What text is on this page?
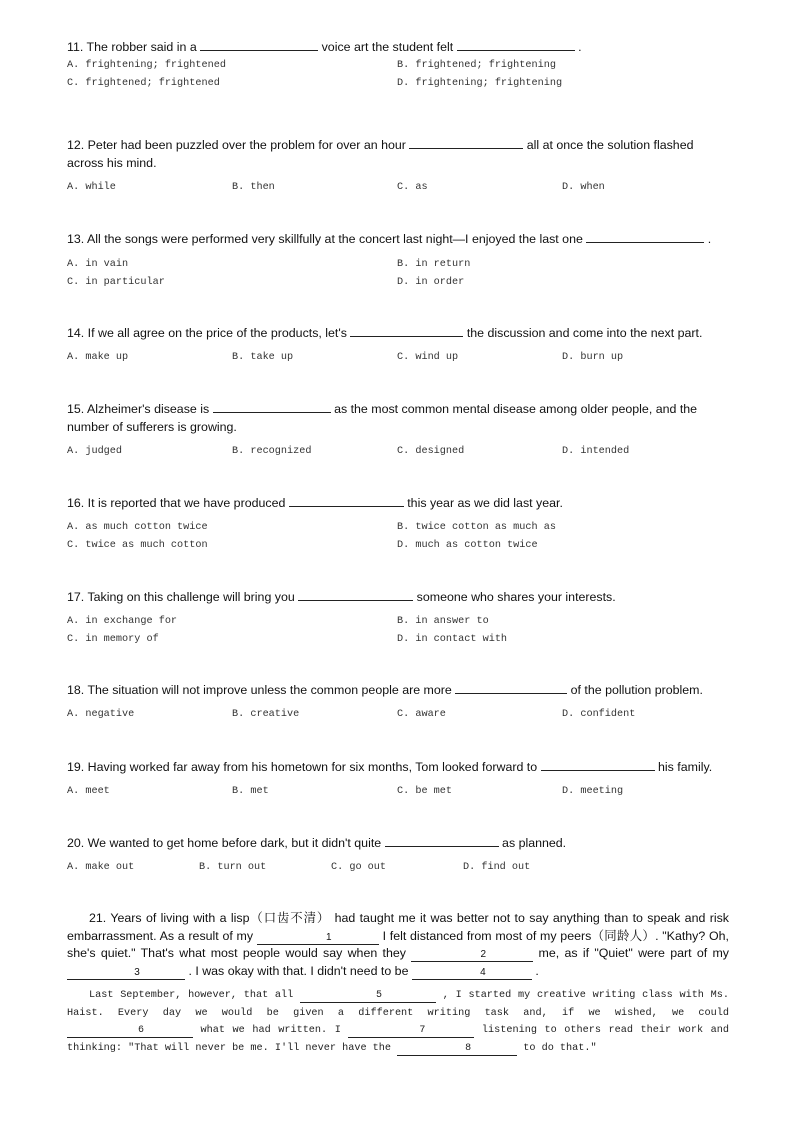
11. The robber said in a	voice art the student felt	.
A. frightening; frightened	B. frightened; frightening
C. frightened; frightened	D. frightening; frightening
12. Peter had been puzzled over the problem for over an hour	all at once the solution flashed across his mind.
A. while	B. then	C. as	D. when
13. All the songs were performed very skillfully at the concert last night—I enjoyed the last one	.
A. in vain	B. in return
C. in particular	D. in order
14. If we all agree on the price of the products, let's	the discussion and come into the next part.
A. make up	B. take up	C. wind up	D. burn up
15. Alzheimer's disease is	as the most common mental disease among older people, and the number of sufferers is growing.
A. judged	B. recognized	C. designed	D. intended
16. It is reported that we have produced	this year as we did last year.
A. as much cotton twice	B. twice cotton as much as
C. twice as much cotton	D. much as cotton twice
17. Taking on this challenge will bring you	someone who shares your interests.
A. in exchange for	B. in answer to
C. in memory of	D. in contact with
18. The situation will not improve unless the common people are more	of the pollution problem.
A. negative	B. creative	C. aware	D. confident
19. Having worked far away from his hometown for six months, Tom looked forward to	his family.
A. meet	B. met	C. be met	D. meeting
20. We wanted to get home before dark, but it didn't quite	as planned.
A. make out	B. turn out	C. go out	D. find out
21. Years of living with a lisp（口齿不清） had taught me it was better not to say anything than to speak and risk embarrassment. As a result of my	1	I felt distanced from most of my peers（同龄人）. "Kathy? Oh, she's quiet." That's what most people would say when they	2	me, as if "Quiet" were part of my 3	. I was okay with that. I didn't need to be	4	.
Last September, however, that all	5	, I started my creative writing class with Ms. Haist. Every day we would be given a different writing task and, if we wished, we could 6	what we had written. I	7	listening to others read their work and thinking: "That will never be me. I'll never have the	8	to do that."
